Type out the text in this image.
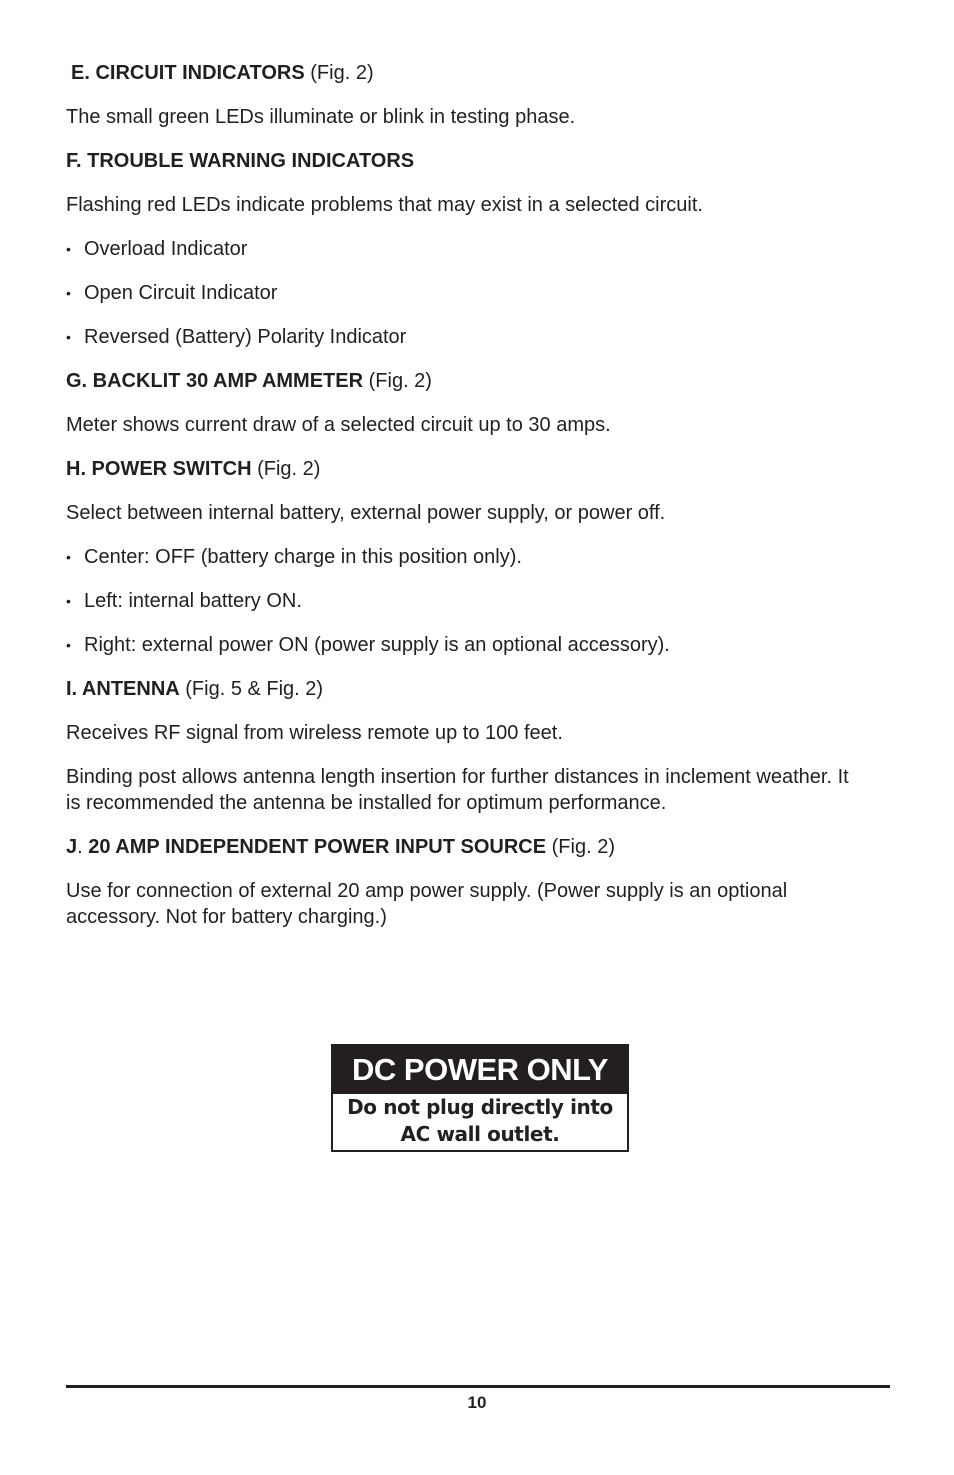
E. CIRCUIT INDICATORS (Fig. 2)
The small green LEDs illuminate or blink in testing phase.
F. TROUBLE WARNING INDICATORS
Flashing red LEDs indicate problems that may exist in a selected circuit.
• Overload Indicator
• Open Circuit Indicator
• Reversed (Battery) Polarity Indicator
G. BACKLIT 30 AMP AMMETER (Fig. 2)
Meter shows current draw of a selected circuit up to 30 amps.
H. POWER SWITCH (Fig. 2)
Select between internal battery, external power supply, or power off.
• Center: OFF (battery charge in this position only).
• Left: internal battery ON.
• Right: external power ON (power supply is an optional accessory).
I. ANTENNA (Fig. 5 & Fig. 2)
Receives RF signal from wireless remote up to 100 feet.
Binding post allows antenna length insertion for further distances in inclement weather. It is recommended the antenna be installed for optimum performance.
J. 20 AMP INDEPENDENT POWER INPUT SOURCE (Fig. 2)
Use for connection of external 20 amp power supply. (Power supply is an optional accessory. Not for battery charging.)
DC POWER ONLY
Do not plug directly into
AC wall outlet.
10
